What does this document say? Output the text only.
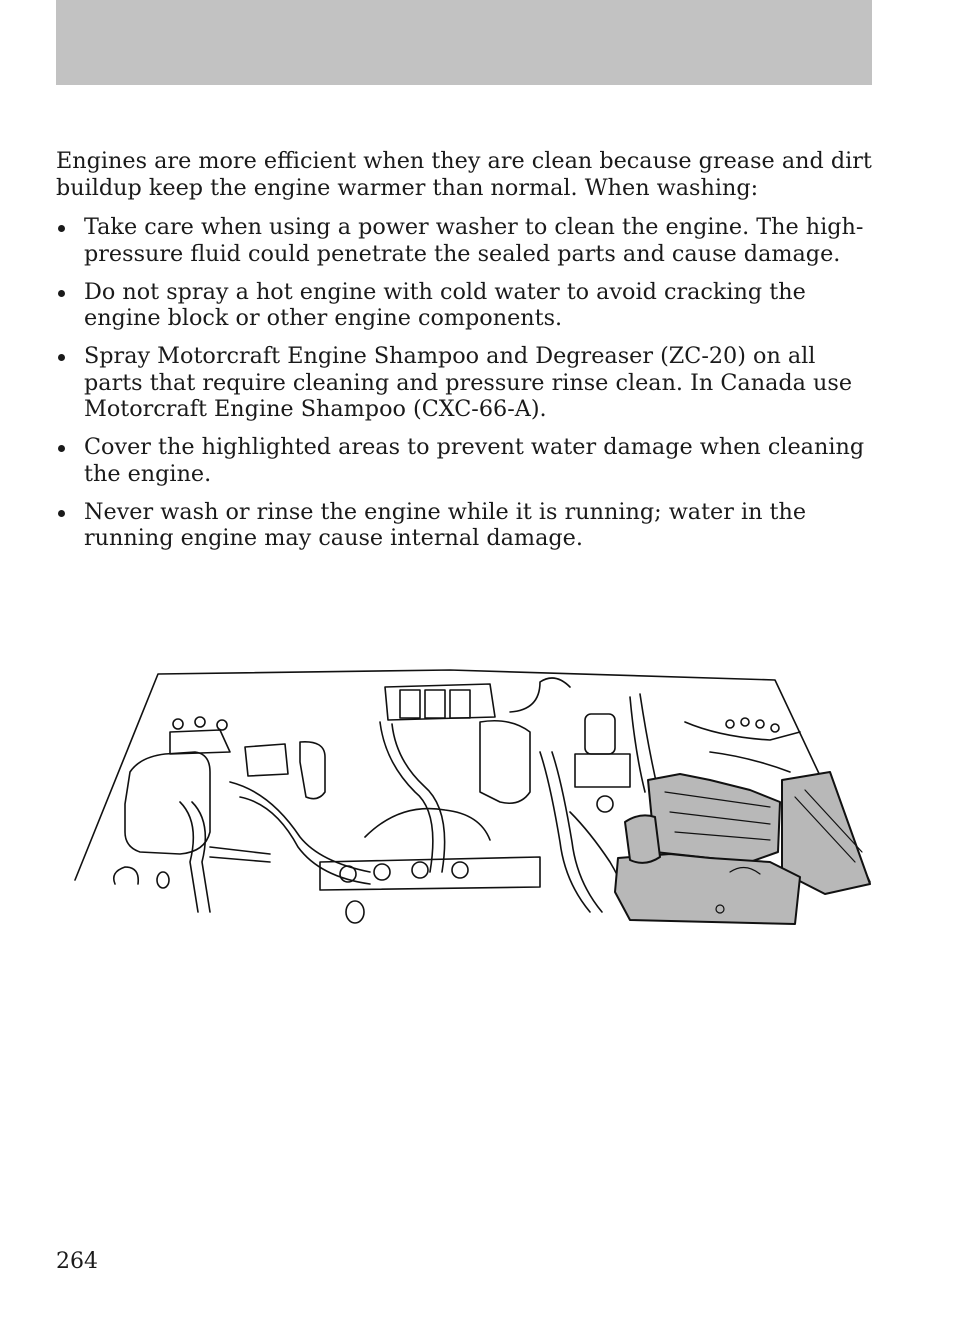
Engines are more efficient when they are clean because grease and dirt buildup keep the engine warmer than normal. When washing:

Take care when using a power washer to clean the engine. The high-pressure fluid could penetrate the sealed parts and cause damage.
Do not spray a hot engine with cold water to avoid cracking the engine block or other engine components.
Spray Motorcraft Engine Shampoo and Degreaser (ZC-20) on all parts that require cleaning and pressure rinse clean. In Canada use Motorcraft Engine Shampoo (CXC-66-A).
Cover the highlighted areas to prevent water damage when cleaning the engine.
Never wash or rinse the engine while it is running; water in the running engine may cause internal damage.
264
